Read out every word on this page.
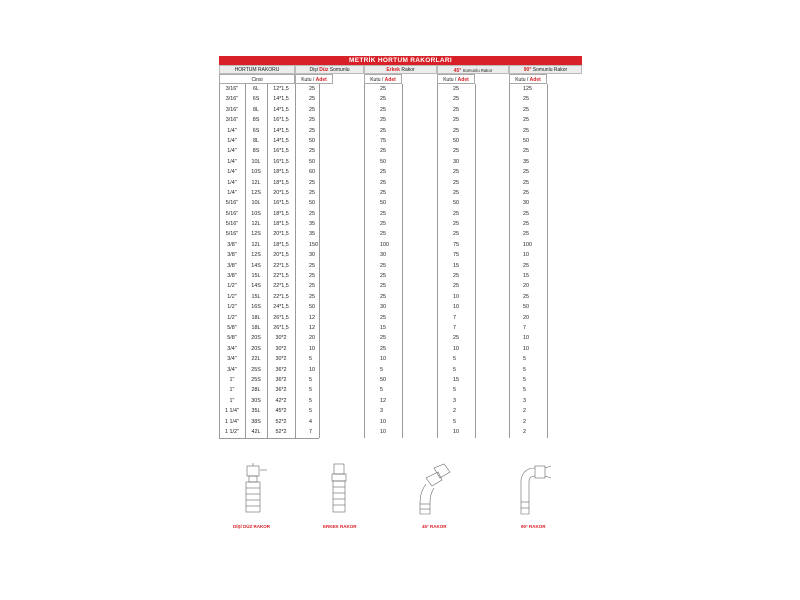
METRİK HORTUM RAKORLARI
HORTUM RAKORU	Dişi Düz Somunlu	Erkek Rakor	45° Somunlu Rakor	90° Somunlu Rakor
Cinsi	Kutu / Adet	Kutu / Adet	Kutu / Adet	Kutu / Adet
3/16"	6L	12*1,5	25	25	25	125
3/16"	6S	14*1,5	25	25	25	25
3/16"	8L	14*1,5	25	25	25	25
3/16"	8S	16*1,5	25	25	25	25
1/4"	6S	14*1,5	25	25	25	25
1/4"	8L	14*1,5	50	75	50	50
1/4"	8S	16*1,5	25	25	25	25
1/4"	10L	16*1,5	50	50	30	35
1/4"	10S	18*1,5	60	25	25	25
1/4"	12L	18*1,5	25	25	25	25
1/4"	12S	20*1,5	25	25	25	25
5/16"	10L	16*1,5	50	50	50	30
5/16"	10S	18*1,5	25	25	25	25
5/16"	12L	18*1,5	35	25	25	25
5/16"	12S	20*1,5	35	25	25	25
3/8"	12L	18*1,5	150	100	75	100
3/8"	12S	20*1,5	30	30	75	10
3/8"	14S	22*1,5	25	25	15	25
3/8"	15L	22*1,5	25	25	25	15
1/2"	14S	22*1,5	25	25	25	20
1/2"	15L	22*1,5	25	25	10	25
1/2"	16S	24*1,5	50	30	10	50
1/2"	18L	26*1,5	12	25	7	20
5/8"	18L	26*1,5	12	15	7	7
5/8"	20S	30*2	20	25	25	10
3/4"	20S	30*2	10	25	10	10
3/4"	22L	30*2	5	10	5	5
3/4"	25S	36*2	10	5	5	5
1"	25S	36*2	5	50	15	5
1"	28L	36*2	5	5	5	5
1"	30S	42*2	5	12	3	3
1 1/4"	35L	45*2	5	3	2	2
1 1/4"	38S	52*2	4	10	5	2
1 1/2"	42L	52*2	7	10	10	2
DİŞİ DÜZ RAKOR	ERKEK RAKOR	45° RAKOR	90° RAKOR
